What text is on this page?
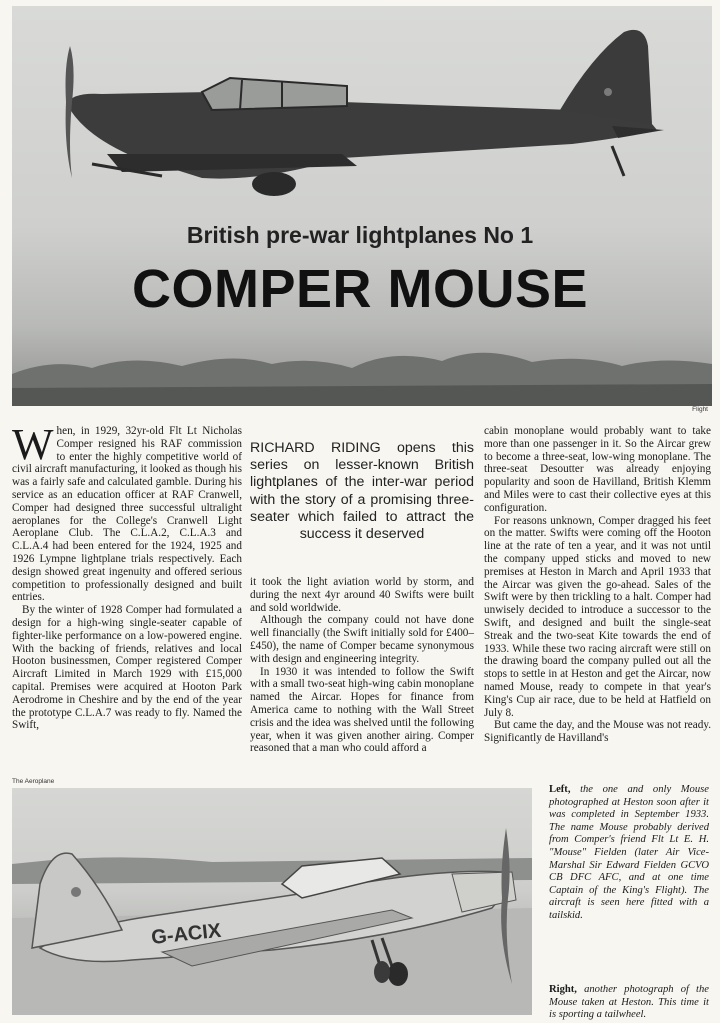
British pre-war lightplanes No 1
COMPER MOUSE
Flight

When, in 1929, 32yr-old Flt Lt Nicholas Comper resigned his RAF commission to enter the highly competitive world of civil aircraft manufacturing, it looked as though his was a fairly safe and calculated gamble. During his service as an education officer at RAF Cranwell, Comper had designed three successful ultralight aeroplanes for the College's Cranwell Light Aeroplane Club. The C.L.A.2, C.L.A.3 and C.L.A.4 had been entered for the 1924, 1925 and 1926 Lympne lightplane trials respectively. Each design showed great ingenuity and offered serious competition to professionally designed and built entries.

By the winter of 1928 Comper had formulated a design for a high-wing single-seater capable of fighter-like performance on a low-powered engine. With the backing of friends, relatives and local Hooton businessmen, Comper registered Comper Aircraft Limited in March 1929 with £15,000 capital. Premises were acquired at Hooton Park Aerodrome in Cheshire and by the end of the year the prototype C.L.A.7 was ready to fly. Named the Swift,

RICHARD RIDING opens this series on lesser-known British lightplanes of the inter-war period with the story of a promising three-seater which failed to attract the success it deserved

it took the light aviation world by storm, and during the next 4yr around 40 Swifts were built and sold worldwide.

Although the company could not have done well financially (the Swift initially sold for £400–£450), the name of Comper became synonymous with design and engineering integrity.

In 1930 it was intended to follow the Swift with a small two-seat high-wing cabin monoplane named the Aircar. Hopes for finance from America came to nothing with the Wall Street crisis and the idea was shelved until the following year, when it was given another airing. Comper reasoned that a man who could afford a

cabin monoplane would probably want to take more than one passenger in it. So the Aircar grew to become a three-seat, low-wing monoplane. The three-seat Desoutter was already enjoying popularity and soon de Havilland, British Klemm and Miles were to cast their collective eyes at this configuration.

For reasons unknown, Comper dragged his feet on the matter. Swifts were coming off the Hooton line at the rate of ten a year, and it was not until the company upped sticks and moved to new premises at Heston in March and April 1933 that the Aircar was given the go-ahead. Sales of the Swift were by then trickling to a halt. Comper had unwisely decided to introduce a successor to the Swift, and designed and built the single-seat Streak and the two-seat Kite towards the end of 1933. While these two racing aircraft were still on the drawing board the company pulled out all the stops to settle in at Heston and get the Aircar, now named Mouse, ready to compete in that year's King's Cup air race, due to be held at Hatfield on July 8.

But came the day, and the Mouse was not ready. Significantly de Havilland's

The Aeroplane
G-ACIX
Left, the one and only Mouse photographed at Heston soon after it was completed in September 1933. The name Mouse probably derived from Comper's friend Flt Lt E. H. "Mouse" Fielden (later Air Vice-Marshal Sir Edward Fielden GCVO CB DFC AFC, and at one time Captain of the King's Flight). The aircraft is seen here fitted with a tailskid.
Right, another photograph of the Mouse taken at Heston. This time it is sporting a tailwheel.
